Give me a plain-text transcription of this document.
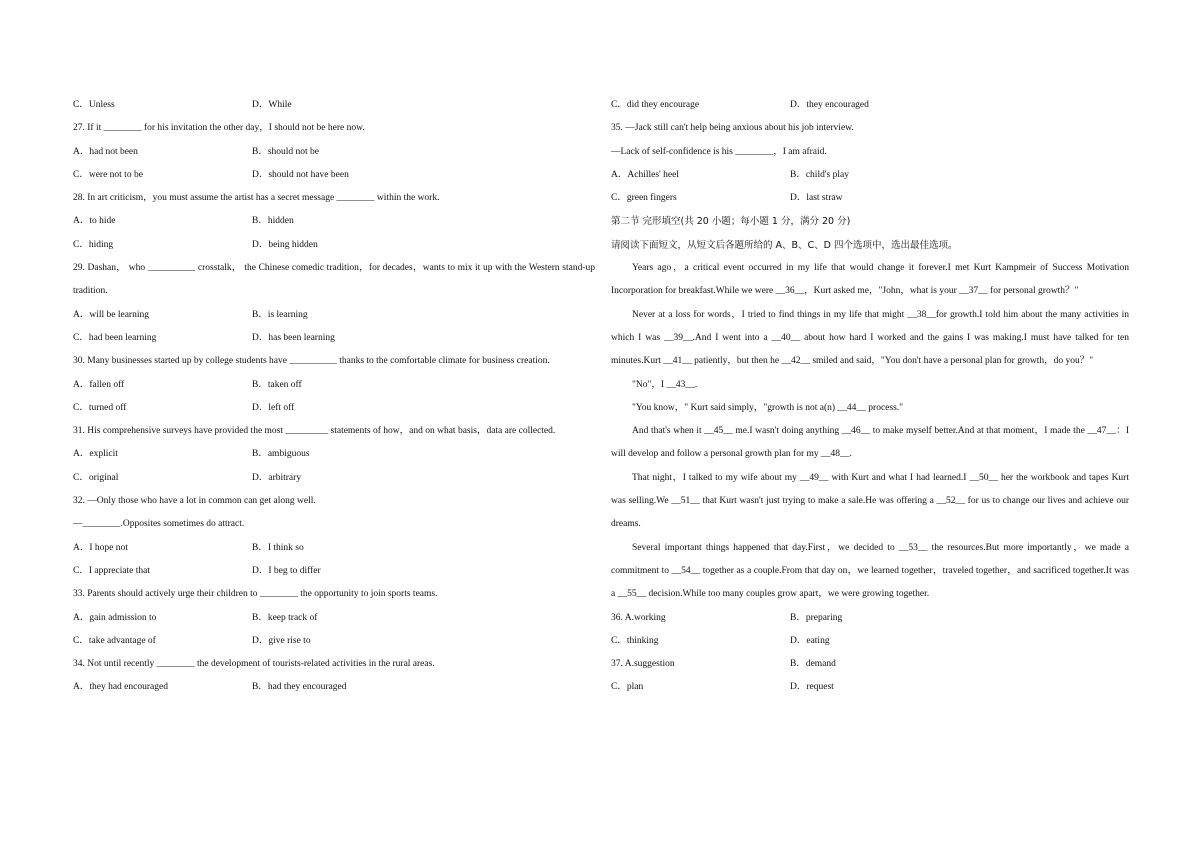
C．Unless	D．While
27. If it ________ for his invitation the other day，I should not be here now.
A．had not been	B．should not be
C．were not to be	D．should not have been
28. In art criticism，you must assume the artist has a secret message ________ within the work.
A．to hide	B．hidden
C．hiding	D．being hidden
29. Dashan， who __________ crosstalk， the Chinese comedic tradition，for decades，wants to mix it up with the Western stand-up tradition.
A．will be learning	B．is learning
C．had been learning	D．has been learning
30. Many businesses started up by college students have __________ thanks to the comfortable climate for business creation.
A．fallen off	B．taken off
C．turned off	D．left off
31. His comprehensive surveys have provided the most _________ statements of how，and on what basis，data are collected.
A．explicit	B．ambiguous
C．original	D．arbitrary
32. —Only those who have a lot in common can get along well.
—________.Opposites sometimes do attract.
A．I hope not	B．I think so
C．I appreciate that	D．I beg to differ
33. Parents should actively urge their children to ________ the opportunity to join sports teams.
A．gain admission to	B．keep track of
C．take advantage of	D．give rise to
34. Not until recently ________ the development of tourists-related activities in the rural areas.
A．they had encouraged	B．had they encouraged
C．did they encourage	D．they encouraged
35. —Jack still can't help being anxious about his job interview.
—Lack of self-confidence is his ________，I am afraid.
A．Achilles' heel	B．child's play
C．green fingers	D．last straw
第二节 完形填空(共 20 小题；每小题 1 分，满分 20 分)
请阅读下面短文，从短文后各题所给的 A、B、C、D 四个选项中，选出最佳选项。
Years ago，a critical event occurred in my life that would change it forever.I met Kurt Kampmeir of Success Motivation Incorporation for breakfast.While we were __36__，Kurt asked me，"John，what is your __37__ for personal growth？"
Never at a loss for words，I tried to find things in my life that might __38__for growth.I told him about the many activities in which I was __39__.And I went into a __40__ about how hard I worked and the gains I was making.I must have talked for ten minutes.Kurt __41__ patiently，but then he __42__ smiled and said，"You don't have a personal plan for growth，do you？"
"No"，I __43__.
"You know，" Kurt said simply，"growth is not a(n) __44__ process."
And that's when it __45__ me.I wasn't doing anything __46__ to make myself better.And at that moment，I made the __47__：I will develop and follow a personal growth plan for my __48__.
That night，I talked to my wife about my __49__ with Kurt and what I had learned.I __50__ her the workbook and tapes Kurt was selling.We __51__ that Kurt wasn't just trying to make a sale.He was offering a __52__ for us to change our lives and achieve our dreams.
Several important things happened that day.First，we decided to __53__ the resources.But more importantly，we made a commitment to __54__ together as a couple.From that day on，we learned together，traveled together，and sacrificed together.It was a __55__ decision.While too many couples grow apart，we were growing together.
36. A.working	B．preparing
C．thinking	D．eating
37. A.suggestion	B．demand
C．plan	D．request
